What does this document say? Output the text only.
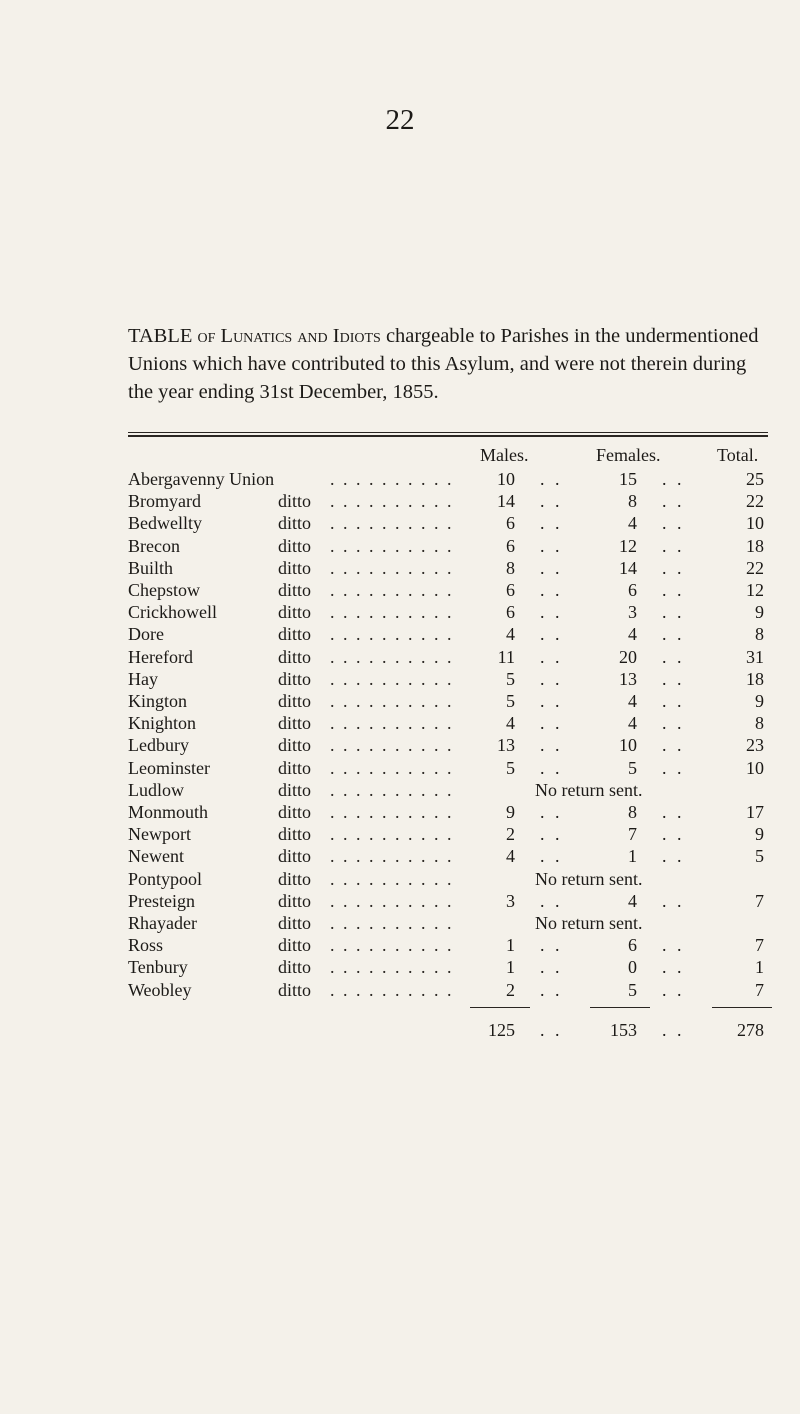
22

TABLE of Lunatics and Idiots chargeable to Parishes in the undermentioned Unions which have contributed to this Asylum, and were not therein during the year ending 31st December, 1855.

Males.	Females.	Total.
Abergavenny Union	. . . . . . . . . .	10 . .	15 . .	25
Bromyard	ditto . . . . . . . . . .	14 . .	8 . .	22
Bedwellty	ditto . . . . . . . . . .	6 . .	4 . .	10
Brecon	ditto . . . . . . . . . .	6 . .	12 . .	18
Builth	ditto . . . . . . . . . .	8 . .	14 . .	22
Chepstow	ditto . . . . . . . . . .	6 . .	6 . .	12
Crickhowell	ditto . . . . . . . . . .	6 . .	3 . .	9
Dore	ditto . . . . . . . . . .	4 . .	4 . .	8
Hereford	ditto . . . . . . . . . .	11 . .	20 . .	31
Hay	ditto . . . . . . . . . .	5 . .	13 . .	18
Kington	ditto . . . . . . . . . .	5 . .	4 . .	9
Knighton	ditto . . . . . . . . . .	4 . .	4 . .	8
Ledbury	ditto . . . . . . . . . .	13 . .	10 . .	23
Leominster	ditto . . . . . . . . . .	5 . .	5 . .	10
Ludlow	ditto . . . . . . . . . .	No return sent.
Monmouth	ditto . . . . . . . . . .	9 . .	8 . .	17
Newport	ditto . . . . . . . . . .	2 . .	7 . .	9
Newent	ditto . . . . . . . . . .	4 . .	1 . .	5
Pontypool	ditto . . . . . . . . . .	No return sent.
Presteign	ditto . . . . . . . . . .	3 . .	4 . .	7
Rhayader	ditto . . . . . . . . . .	No return sent.
Ross	ditto . . . . . . . . . .	1 . .	6 . .	7
Tenbury	ditto . . . . . . . . . .	1 . .	0 . .	1
Weobley	ditto . . . . . . . . . .	2 . .	5 . .	7
125 . .	153 . .	278
